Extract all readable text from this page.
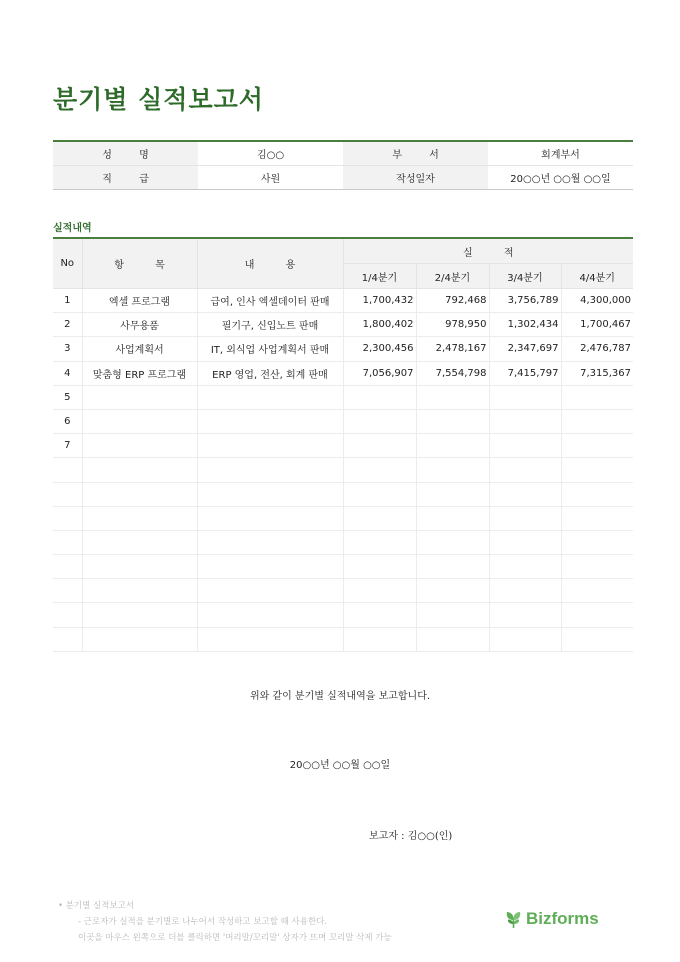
분기별 실적보고서
성 명	김○○	부 서	회계부서
직 급	사원	작성일자	20○○년 ○○월 ○○일
실적내역
No	항 목	내 용	실 적			
			1/4분기	2/4분기	3/4분기	4/4분기
1	엑셀 프로그램	급여, 인사 엑셀데이터 판매	1,700,432	792,468	3,756,789	4,300,000
2	사무용품	필기구, 신입노트 판매	1,800,402	978,950	1,302,434	1,700,467
3	사업계획서	IT, 외식업 사업계획서 판매	2,300,456	2,478,167	2,347,697	2,476,787
4	맞춤형 ERP 프로그램	ERP 영업, 전산, 회계 판매	7,056,907	7,554,798	7,415,797	7,315,367
5						
6						
7						

위와 같이 분기별 실적내역을 보고합니다.
20○○년 ○○월 ○○일
보고자 : 김○○(인)
• 분기별 실적보고서
- 근로자가 실적을 분기별로 나누어서 작성하고 보고할 때 사용한다.
이곳을 마우스 왼쪽으로 더블 클릭하면 '머리말/꼬리말' 상자가 뜨며 꼬리말 삭제 가능
Bizforms
